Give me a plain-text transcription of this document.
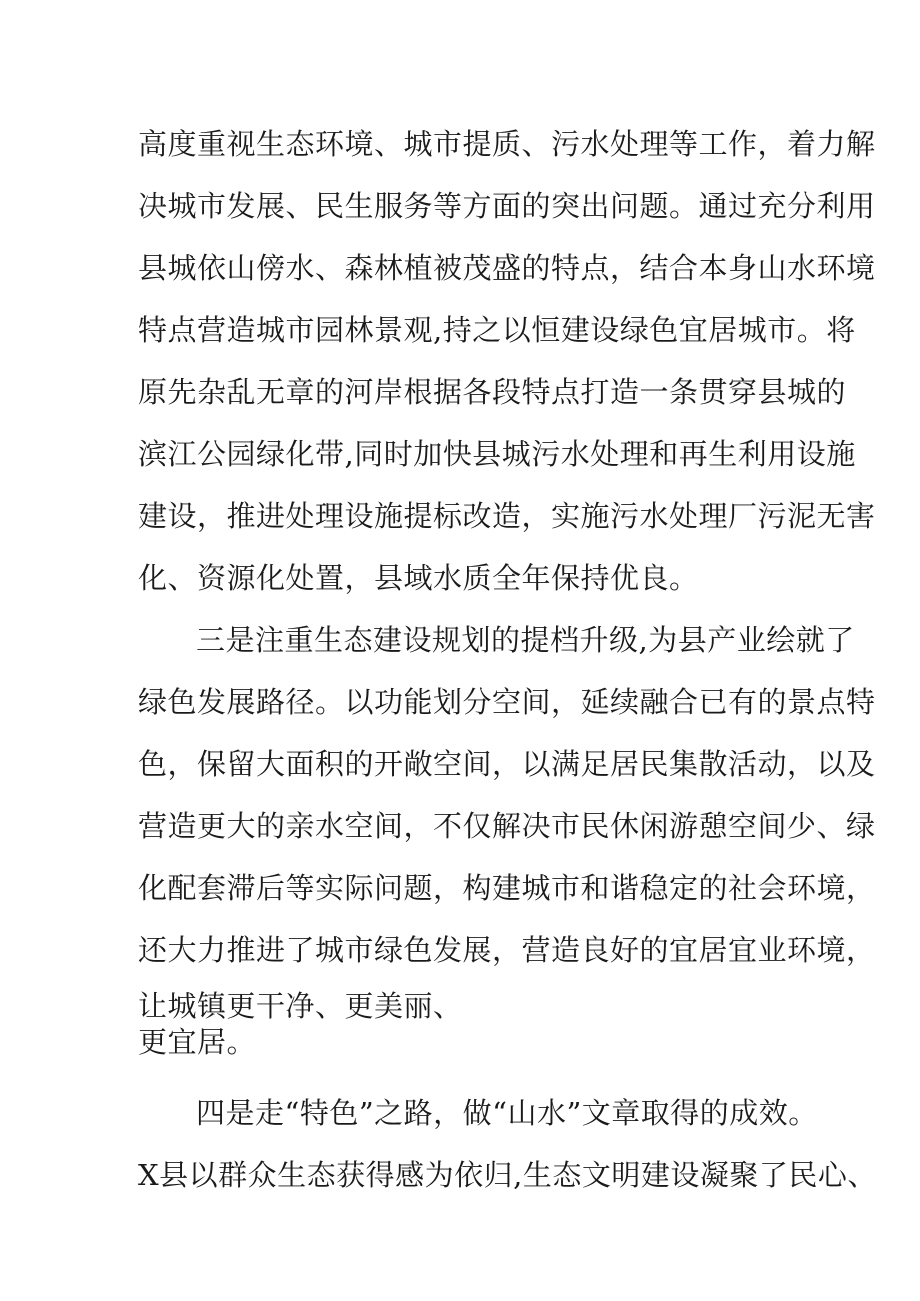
高度重视生态环境、城市提质、污水处理等工作，着力解
决城市发展、民生服务等方面的突出问题。通过充分利用
县城依山傍水、森林植被茂盛的特点，结合本身山水环境
特点营造城市园林景观,持之以恒建设绿色宜居城市。将
原先杂乱无章的河岸根据各段特点打造一条贯穿县城的
滨江公园绿化带,同时加快县城污水处理和再生利用设施
建设，推进处理设施提标改造，实施污水处理厂污泥无害
化、资源化处置，县域水质全年保持优良。
三是注重生态建设规划的提档升级,为县产业绘就了
绿色发展路径。以功能划分空间，延续融合已有的景点特
色，保留大面积的开敞空间，以满足居民集散活动，以及
营造更大的亲水空间，不仅解决市民休闲游憩空间少、绿
化配套滞后等实际问题，构建城市和谐稳定的社会环境，
还大力推进了城市绿色发展，营造良好的宜居宜业环境，
让城镇更干净、更美丽、
更宜居。
四是走“特色”之路，做“山水”文章取得的成效。
X县以群众生态获得感为依归,生态文明建设凝聚了民心、
